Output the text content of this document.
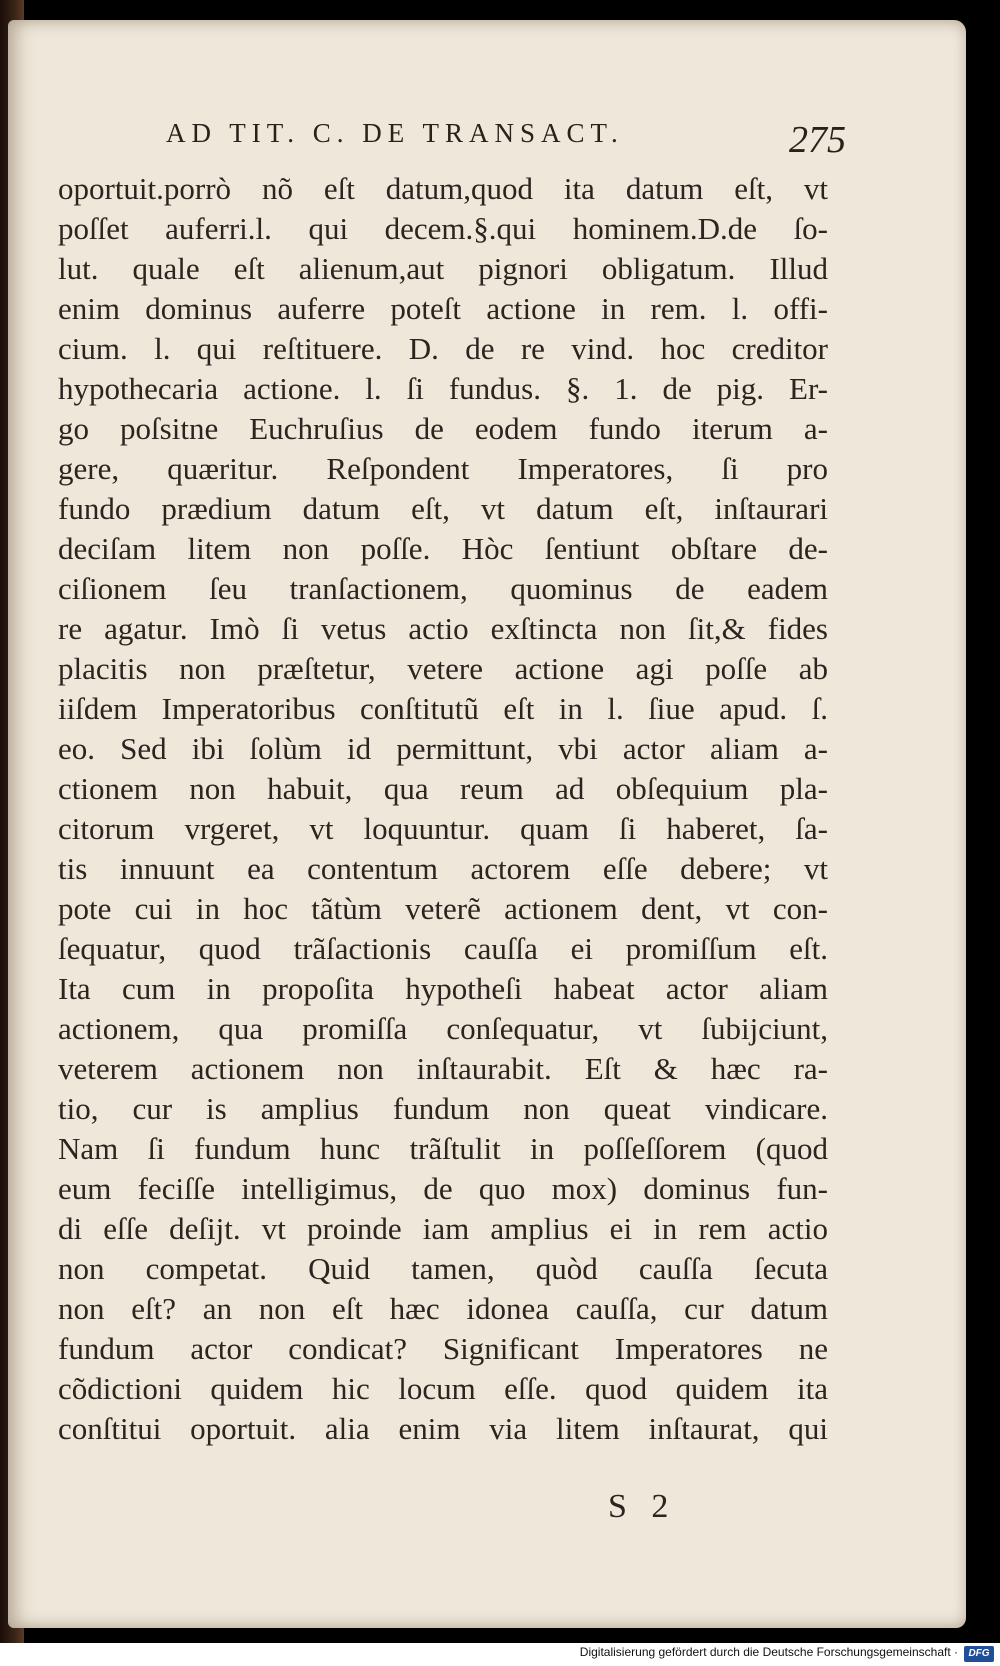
AD TIT. C. DE TRANSACT.	275
oportuit.porrò nõ eſt datum,quod ita datum eſt, vt
poſſet auferri.l. qui decem.§.qui hominem.D.de ſo-
lut. quale eſt alienum,aut pignori obligatum. Illud
enim dominus auferre poteſt actione in rem. l. offi-
cium. l. qui reſtituere. D. de re vind. hoc creditor
hypothecaria actione. l. ſi fundus. §. 1. de pig. Er-
go poſsitne Euchruſius de eodem fundo iterum a-
gere, quæritur. Reſpondent Imperatores, ſi pro
fundo prædium datum eſt, vt datum eſt, inſtaurari
deciſam litem non poſſe. Hòc ſentiunt obſtare de-
ciſionem ſeu tranſactionem, quominus de eadem
re agatur. Imò ſi vetus actio exſtincta non ſit,& fides
placitis non præſtetur, vetere actione agi poſſe ab
iiſdem Imperatoribus conſtitutũ eſt in l. ſiue apud. ſ.
eo. Sed ibi ſolùm id permittunt, vbi actor aliam a-
ctionem non habuit, qua reum ad obſequium pla-
citorum vrgeret, vt loquuntur. quam ſi haberet, ſa-
tis innuunt ea contentum actorem eſſe debere; vt
pote cui in hoc tãtùm veterẽ actionem dent, vt con-
ſequatur, quod trãſactionis cauſſa ei promiſſum eſt.
Ita cum in propoſita hypotheſi habeat actor aliam
actionem, qua promiſſa conſequatur, vt ſubijciunt,
veterem actionem non inſtaurabit. Eſt & hæc ra-
tio, cur is amplius fundum non queat vindicare.
Nam ſi fundum hunc trãſtulit in poſſeſſorem (quod
eum feciſſe intelligimus, de quo mox) dominus fun-
di eſſe deſijt. vt proinde iam amplius ei in rem actio
non competat. Quid tamen, quòd cauſſa ſecuta
non eſt? an non eſt hæc idonea cauſſa, cur datum
fundum actor condicat? Significant Imperatores ne
cõdictioni quidem hic locum eſſe. quod quidem ita
conſtitui oportuit. alia enim via litem inſtaurat, qui
S 2
Digitalisierung gefördert durch die Deutsche Forschungsgemeinschaft ·	DFG
